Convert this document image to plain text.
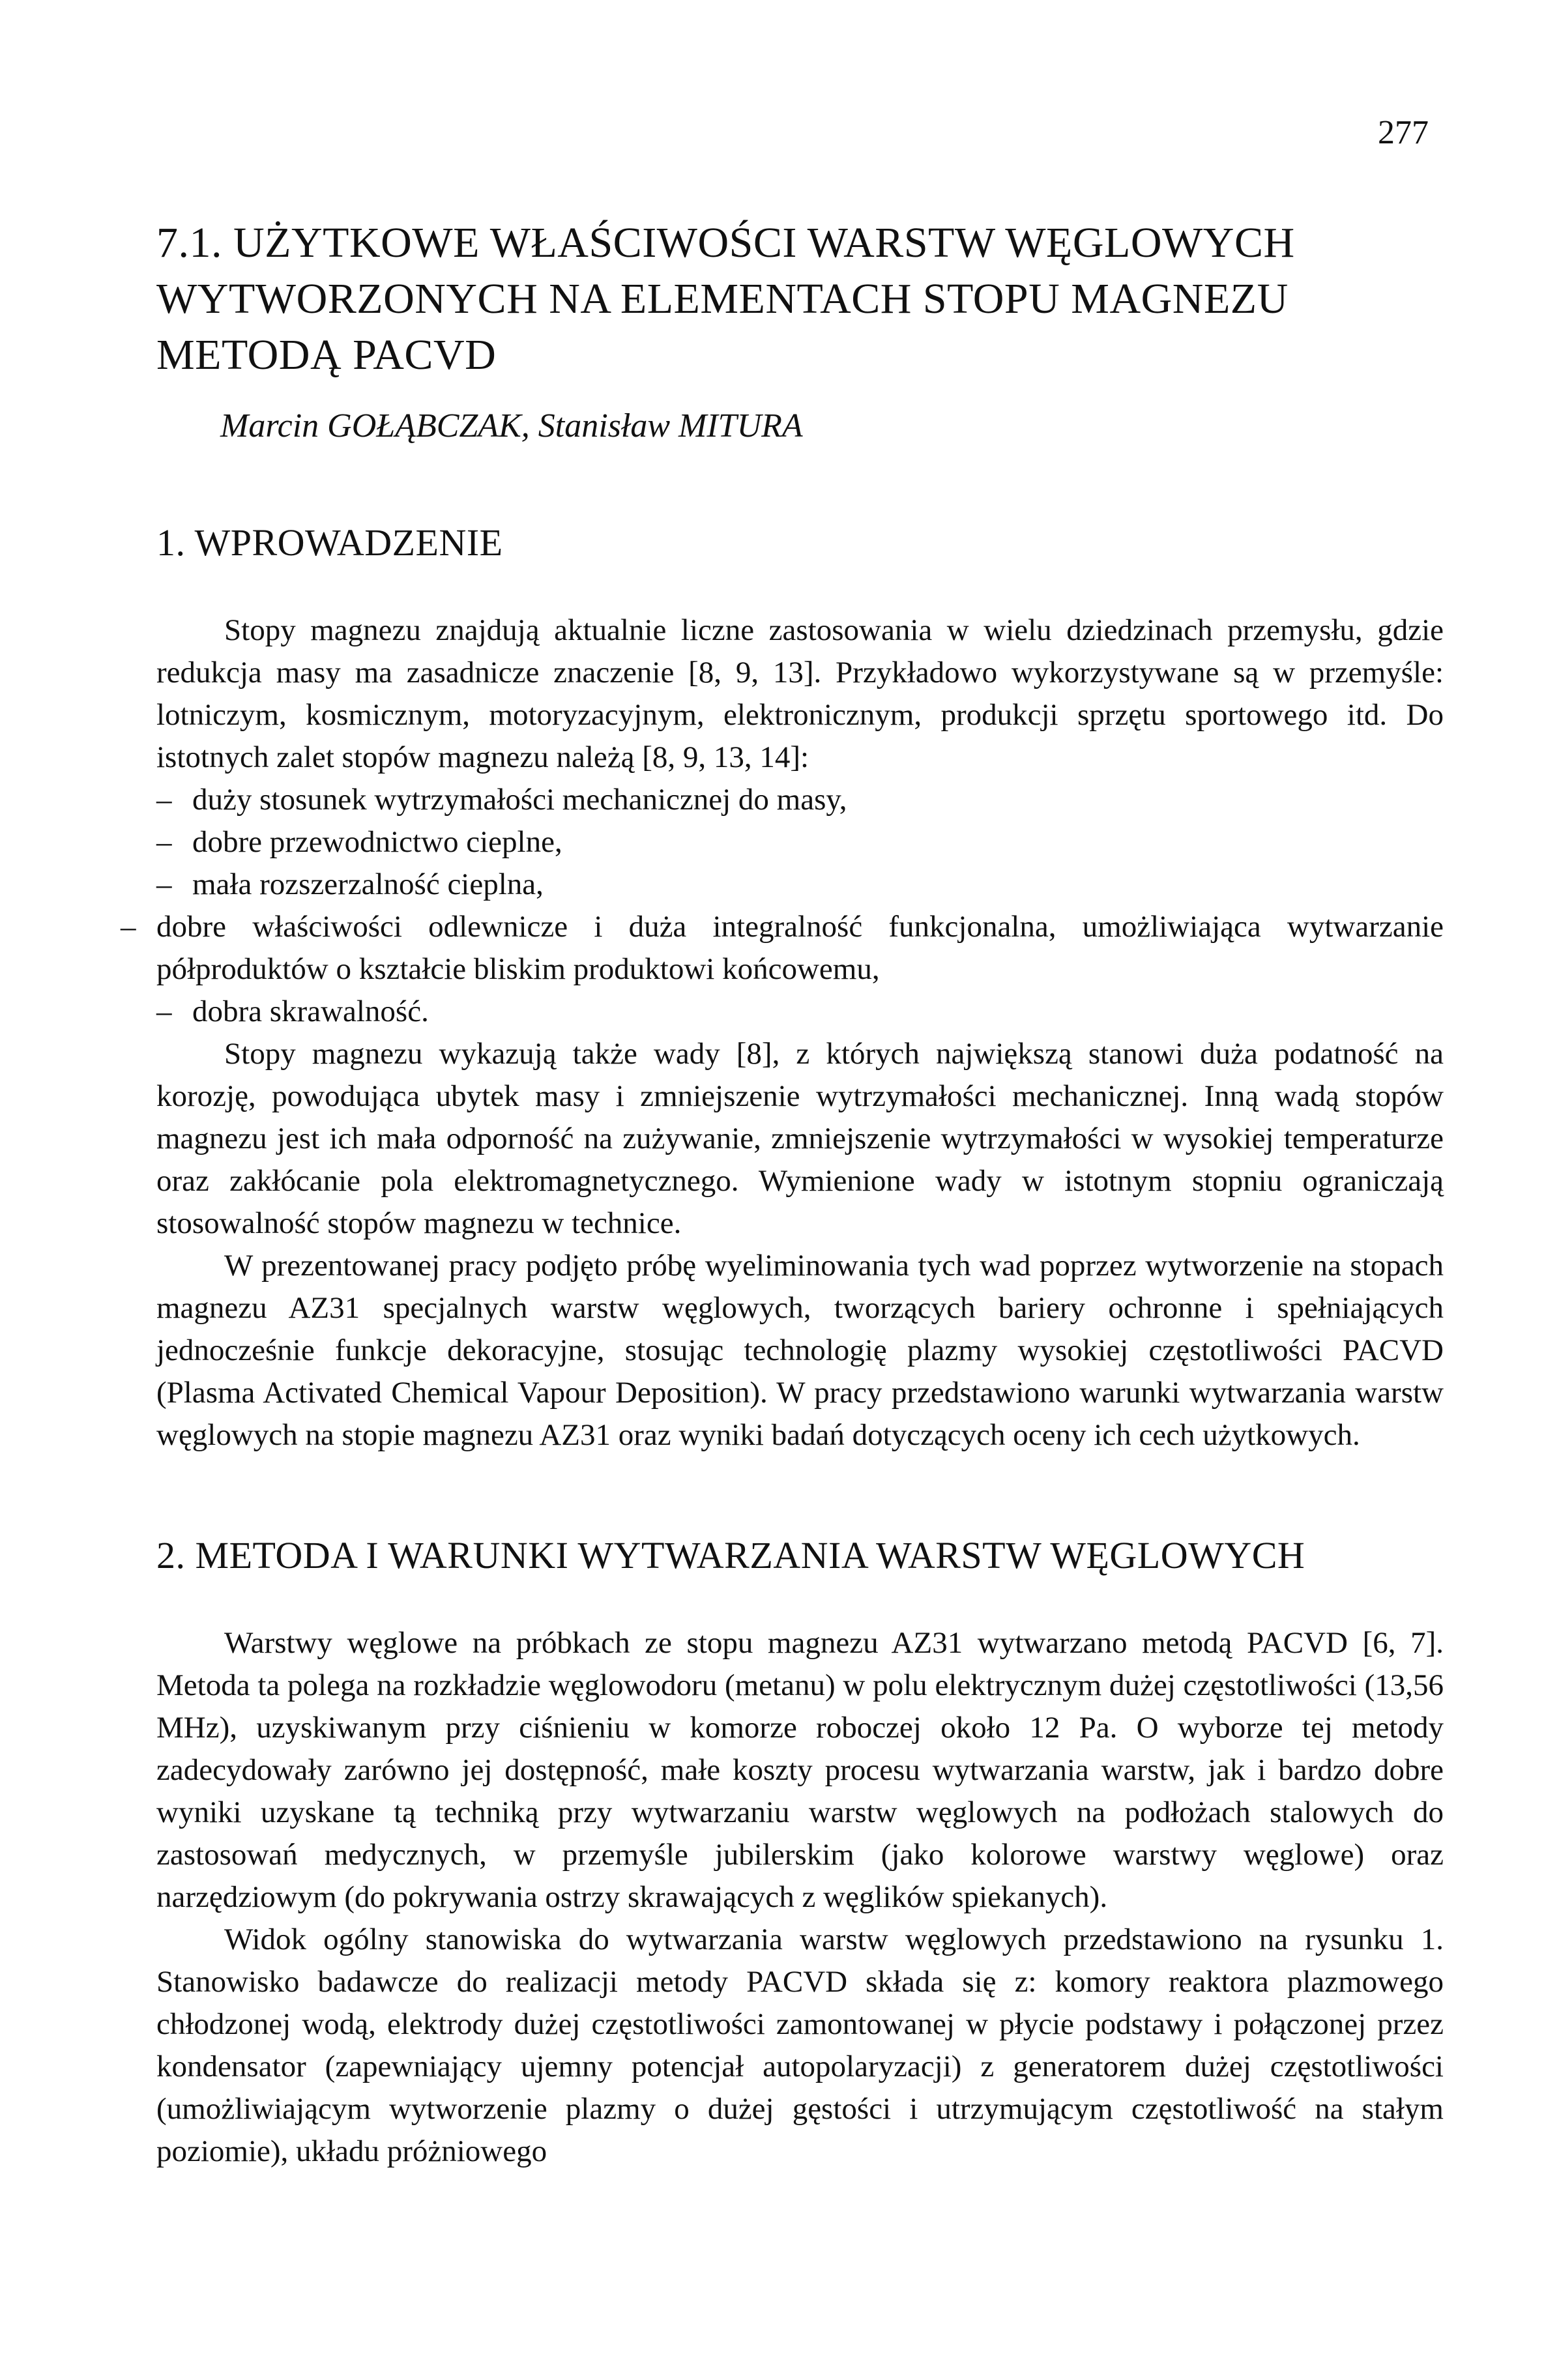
277
7.1. UŻYTKOWE WŁAŚCIWOŚCI WARSTW WĘGLOWYCH
WYTWORZONYCH NA ELEMENTACH STOPU MAGNEZU
METODĄ PACVD
Marcin GOŁĄBCZAK, Stanisław MITURA
1. WPROWADZENIE

Stopy magnezu znajdują aktualnie liczne zastosowania w wielu dziedzinach przemysłu, gdzie redukcja masy ma zasadnicze znaczenie [8, 9, 13]. Przykładowo wykorzystywane są w przemyśle: lotniczym, kosmicznym, motoryzacyjnym, elektronicznym, produkcji sprzętu sportowego itd. Do istotnych zalet stopów magnezu należą [8, 9, 13, 14]:

– duży stosunek wytrzymałości mechanicznej do masy,
– dobre przewodnictwo cieplne,
– mała rozszerzalność cieplna,
– dobre właściwości odlewnicze i duża integralność funkcjonalna, umożliwiająca wytwarzanie półproduktów o kształcie bliskim produktowi końcowemu,
– dobra skrawalność.

Stopy magnezu wykazują także wady [8], z których największą stanowi duża podatność na korozję, powodująca ubytek masy i zmniejszenie wytrzymałości mechanicznej. Inną wadą stopów magnezu jest ich mała odporność na zużywanie, zmniejszenie wytrzymałości w wysokiej temperaturze oraz zakłócanie pola elektromagnetycznego. Wymienione wady w istotnym stopniu ograniczają stosowalność stopów magnezu w technice.

W prezentowanej pracy podjęto próbę wyeliminowania tych wad poprzez wytworzenie na stopach magnezu AZ31 specjalnych warstw węglowych, tworzących bariery ochronne i spełniających jednocześnie funkcje dekoracyjne, stosując technologię plazmy wysokiej częstotliwości PACVD (Plasma Activated Chemical Vapour Deposition). W pracy przedstawiono warunki wytwarzania warstw węglowych na stopie magnezu AZ31 oraz wyniki badań dotyczących oceny ich cech użytkowych.

2. METODA I WARUNKI WYTWARZANIA WARSTW WĘGLOWYCH

Warstwy węglowe na próbkach ze stopu magnezu AZ31 wytwarzano metodą PACVD [6, 7]. Metoda ta polega na rozkładzie węglowodoru (metanu) w polu elektrycznym dużej częstotliwości (13,56 MHz), uzyskiwanym przy ciśnieniu w komorze roboczej około 12 Pa. O wyborze tej metody zadecydowały zarówno jej dostępność, małe koszty procesu wytwarzania warstw, jak i bardzo dobre wyniki uzyskane tą techniką przy wytwarzaniu warstw węglowych na podłożach stalowych do zastosowań medycznych, w przemyśle jubilerskim (jako kolorowe warstwy węglowe) oraz narzędziowym (do pokrywania ostrzy skrawających z węglików spiekanych).

Widok ogólny stanowiska do wytwarzania warstw węglowych przedstawiono na rysunku 1. Stanowisko badawcze do realizacji metody PACVD składa się z: komory reaktora plazmowego chłodzonej wodą, elektrody dużej częstotliwości zamontowanej w płycie podstawy i połączonej przez kondensator (zapewniający ujemny potencjał autopolaryzacji) z generatorem dużej częstotliwości (umożliwiającym wytworzenie plazmy o dużej gęstości i utrzymującym częstotliwość na stałym poziomie), układu próżniowego
